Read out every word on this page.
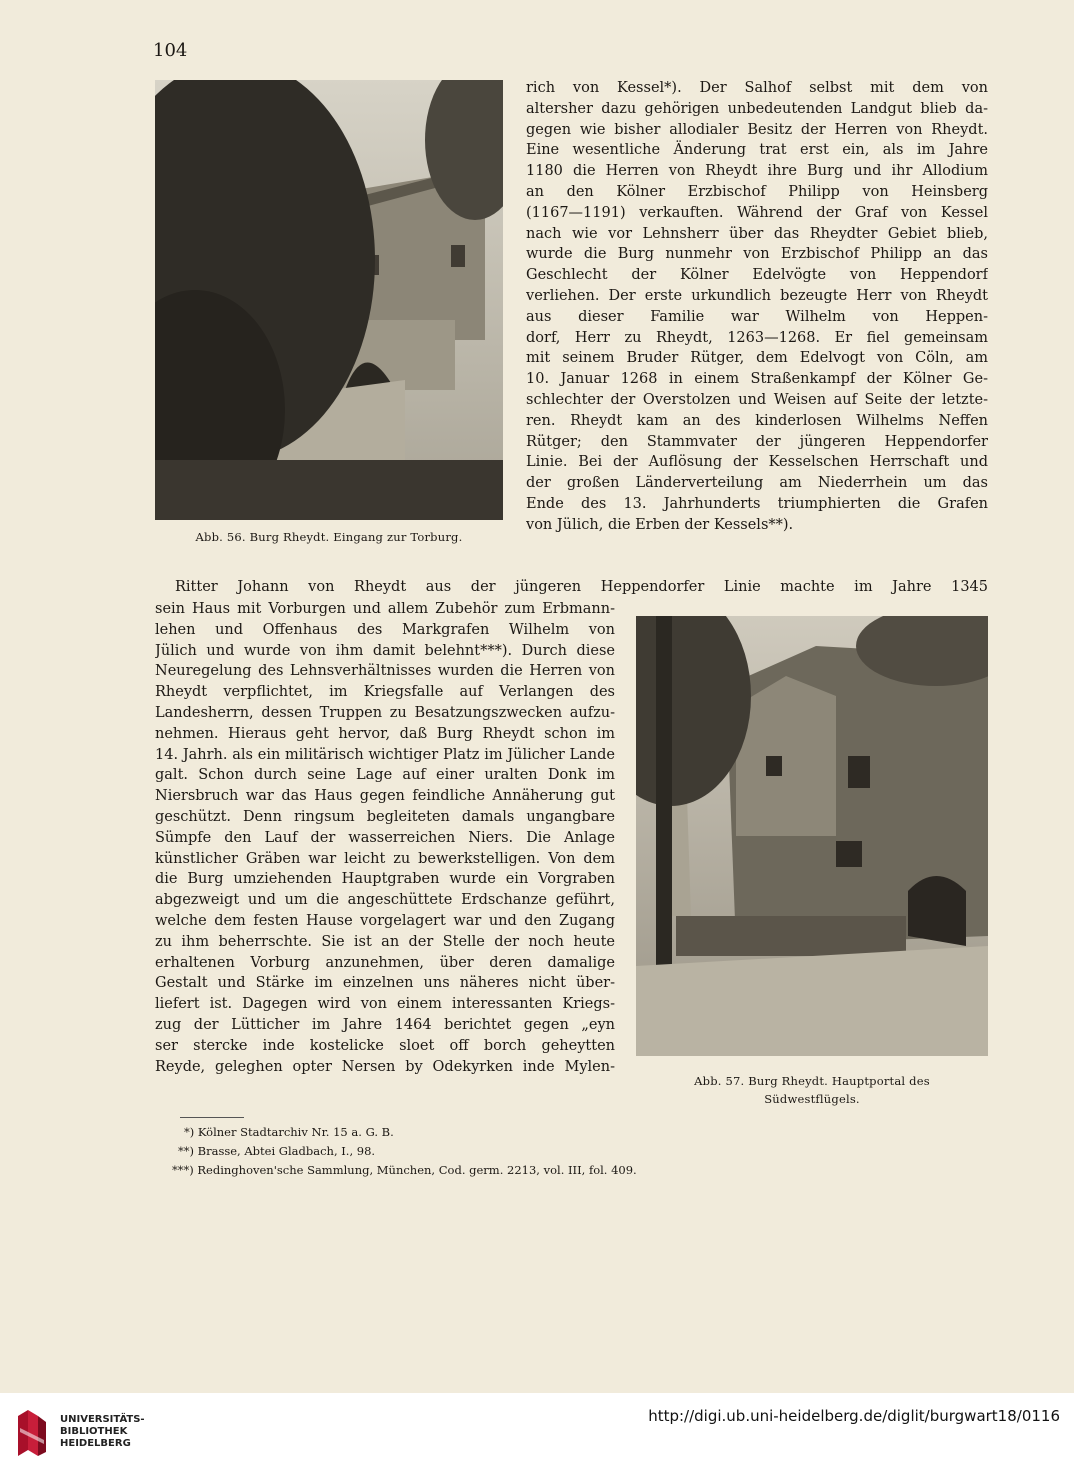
104
Abb. 56. Burg Rheydt. Eingang zur Torburg.
rich von Kessel*). Der Salhof selbst mit dem von
altersher dazu gehörigen unbedeutenden Landgut blieb da-
gegen wie bisher allodialer Besitz der Herren von Rheydt.
Eine wesentliche Änderung trat erst ein, als im Jahre
1180 die Herren von Rheydt ihre Burg und ihr Allodium
an den Kölner Erzbischof Philipp von Heinsberg
(1167—1191) verkauften. Während der Graf von Kessel
nach wie vor Lehnsherr über das Rheydter Gebiet blieb,
wurde die Burg nunmehr von Erzbischof Philipp an das
Geschlecht der Kölner Edelvögte von Heppendorf
verliehen. Der erste urkundlich bezeugte Herr von Rheydt
aus dieser Familie war Wilhelm von Heppen-
dorf, Herr zu Rheydt, 1263—1268. Er fiel gemeinsam
mit seinem Bruder Rütger, dem Edelvogt von Cöln, am
10. Januar 1268 in einem Straßenkampf der Kölner Ge-
schlechter der Overstolzen und Weisen auf Seite der letzte-
ren. Rheydt kam an des kinderlosen Wilhelms Neffen
Rütger; den Stammvater der jüngeren Heppendorfer
Linie. Bei der Auflösung der Kesselschen Herrschaft und
der großen Länderverteilung am Niederrhein um das
Ende des 13. Jahrhunderts triumphierten die Grafen
von Jülich, die Erben der Kessels**).
Ritter Johann von Rheydt aus der jüngeren Heppendorfer Linie machte im Jahre 1345
sein Haus mit Vorburgen und allem Zubehör zum Erbmann-
lehen und Offenhaus des Markgrafen Wilhelm von
Jülich und wurde von ihm damit belehnt***). Durch diese
Neuregelung des Lehnsverhältnisses wurden die Herren von
Rheydt verpflichtet, im Kriegsfalle auf Verlangen des
Landesherrn, dessen Truppen zu Besatzungszwecken aufzu-
nehmen. Hieraus geht hervor, daß Burg Rheydt schon im
14. Jahrh. als ein militärisch wichtiger Platz im Jülicher Lande
galt. Schon durch seine Lage auf einer uralten Donk im
Niersbruch war das Haus gegen feindliche Annäherung gut
geschützt. Denn ringsum begleiteten damals ungangbare
Sümpfe den Lauf der wasserreichen Niers. Die Anlage
künstlicher Gräben war leicht zu bewerkstelligen. Von dem
die Burg umziehenden Hauptgraben wurde ein Vorgraben
abgezweigt und um die angeschüttete Erdschanze geführt,
welche dem festen Hause vorgelagert war und den Zugang
zu ihm beherrschte. Sie ist an der Stelle der noch heute
erhaltenen Vorburg anzunehmen, über deren damalige
Gestalt und Stärke im einzelnen uns näheres nicht über-
liefert ist. Dagegen wird von einem interessanten Kriegs-
zug der Lütticher im Jahre 1464 berichtet gegen „eyn
ser stercke inde kostelicke sloet off borch geheytten
Reyde, geleghen opter Nersen by Odekyrken inde Mylen-
Abb. 57. Burg Rheydt. Hauptportal des
Südwestflügels.
*) Kölner Stadtarchiv Nr. 15 a. G. B.
**) Brasse, Abtei Gladbach, I., 98.
***) Redinghoven'sche Sammlung, München, Cod. germ. 2213, vol. III, fol. 409.
UNIVERSITÄTS-
BIBLIOTHEK
HEIDELBERG
http://digi.ub.uni-heidelberg.de/diglit/burgwart18/0116
